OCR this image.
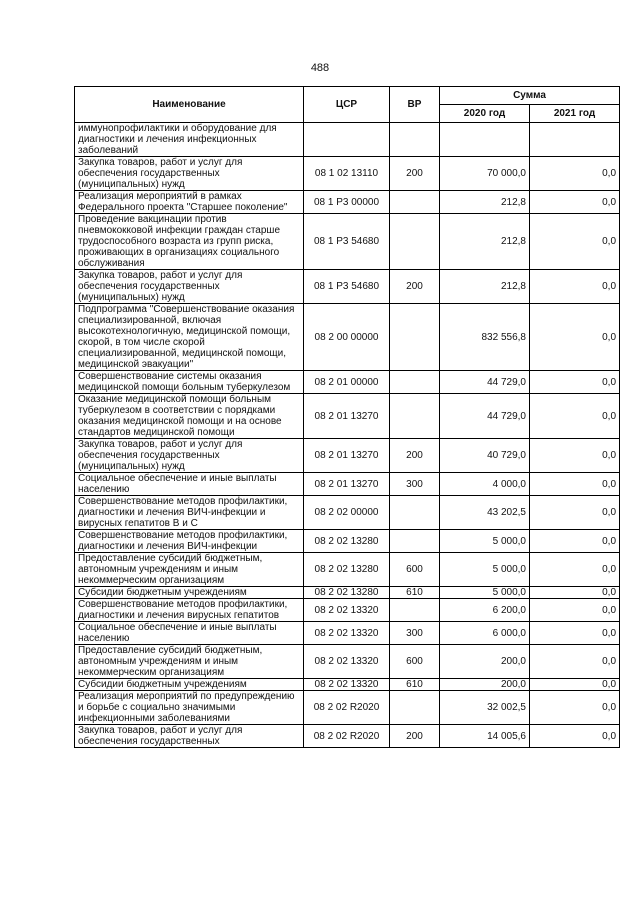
488
Наименование	ЦСР	ВР	Сумма	
			2020 год	2021 год
иммунопрофилактики и оборудование для диагностики и лечения инфекционных заболеваний				
Закупка товаров, работ и услуг для обеспечения государственных (муниципальных) нужд	08 1 02 13110	200	70 000,0	0,0
Реализация мероприятий в рамках Федерального проекта "Старшее поколение"	08 1 P3 00000		212,8	0,0
Проведение вакцинации против пневмококковой инфекции граждан старше трудоспособного возраста из групп риска, проживающих в организациях социального обслуживания	08 1 P3 54680		212,8	0,0
Закупка товаров, работ и услуг для обеспечения государственных (муниципальных) нужд	08 1 P3 54680	200	212,8	0,0
Подпрограмма "Совершенствование оказания специализированной, включая высокотехнологичную, медицинской помощи, скорой, в том числе скорой специализированной, медицинской помощи, медицинской эвакуации"	08 2 00 00000		832 556,8	0,0
Совершенствование системы оказания медицинской помощи больным туберкулезом	08 2 01 00000		44 729,0	0,0
Оказание медицинской помощи больным туберкулезом в соответствии с порядками оказания медицинской помощи и на основе стандартов медицинской помощи	08 2 01 13270		44 729,0	0,0
Закупка товаров, работ и услуг для обеспечения государственных (муниципальных) нужд	08 2 01 13270	200	40 729,0	0,0
Социальное обеспечение и иные выплаты населению	08 2 01 13270	300	4 000,0	0,0
Совершенствование методов профилактики, диагностики и лечения ВИЧ-инфекции и вирусных гепатитов В и С	08 2 02 00000		43 202,5	0,0
Совершенствование методов профилактики, диагностики и лечения ВИЧ-инфекции	08 2 02 13280		5 000,0	0,0
Предоставление субсидий бюджетным, автономным учреждениям и иным некоммерческим организациям	08 2 02 13280	600	5 000,0	0,0
Субсидии бюджетным учреждениям	08 2 02 13280	610	5 000,0	0,0
Совершенствование методов профилактики, диагностики и лечения вирусных гепатитов	08 2 02 13320		6 200,0	0,0
Социальное обеспечение и иные выплаты населению	08 2 02 13320	300	6 000,0	0,0
Предоставление субсидий бюджетным, автономным учреждениям и иным некоммерческим организациям	08 2 02 13320	600	200,0	0,0
Субсидии бюджетным учреждениям	08 2 02 13320	610	200,0	0,0
Реализация мероприятий по предупреждению и борьбе с социально значимыми инфекционными заболеваниями	08 2 02 R2020		32 002,5	0,0
Закупка товаров, работ и услуг для обеспечения государственных	08 2 02 R2020	200	14 005,6	0,0
